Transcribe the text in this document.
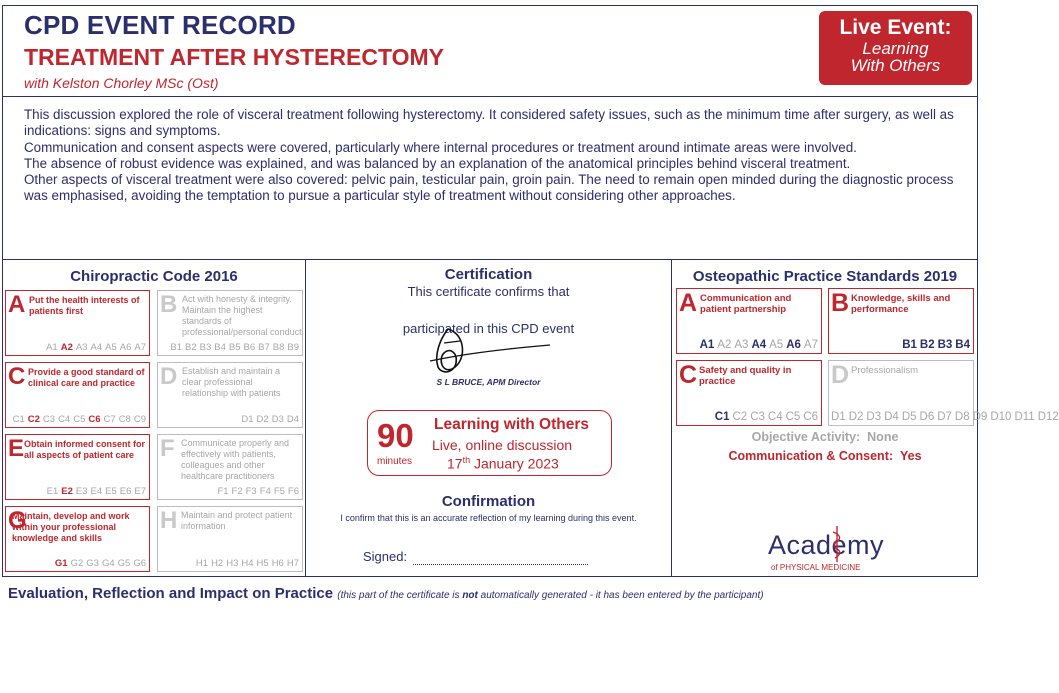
CPD EVENT RECORD
TREATMENT AFTER HYSTERECTOMY
with Kelston Chorley MSc (Ost)
Live Event:
Learning
With Others

This discussion explored the role of visceral treatment following hysterectomy. It considered safety issues, such as the minimum time after surgery, as well as indications: signs and symptoms.

Communication and consent aspects were covered, particularly where internal procedures or treatment around intimate areas were involved.

The absence of robust evidence was explained, and was balanced by an explanation of the anatomical principles behind visceral treatment.

Other aspects of visceral treatment were also covered: pelvic pain, testicular pain, groin pain. The need to remain open minded during the diagnostic process was emphasised, avoiding the temptation to pursue a particular style of treatment without considering other approaches.

Chiropractic Code 2016
A Put the health interests of patients first
A1 A2 A3 A4 A5 A6 A7
B Act with honesty & integrity. Maintain the highest standards of professional/personal conduct
B1 B2 B3 B4 B5 B6 B7 B8 B9
C Provide a good standard of clinical care and practice
C1 C2 C3 C4 C5 C6 C7 C8 C9
D Establish and maintain a clear professional relationship with patients
D1 D2 D3 D4
E Obtain informed consent for all aspects of patient care
E1 E2 E3 E4 E5 E6 E7
F Communicate properly and effectively with patients, colleagues and other healthcare practitioners
F1 F2 F3 F4 F5 F6
G
Maintain, develop and work within your professional knowledge and skills
G1 G2 G3 G4 G5 G6
H Maintain and protect patient information
H1 H2 H3 H4 H5 H6 H7
Certification
This certificate confirms that
participated in this CPD event
S L BRUCE, APM Director
90
minutes
Learning with Others
Live, online discussion
17th January 2023
Confirmation
I confirm that this is an accurate reflection of my learning during this event.
Signed:
Osteopathic Practice Standards 2019
A Communication and patient partnership
A1 A2 A3 A4 A5 A6 A7
B Knowledge, skills and performance
B1 B2 B3 B4
C Safety and quality in practice
C1 C2 C3 C4 C5 C6
D Professionalism
D1 D2 D3 D4 D5 D6 D7 D8 D9 D10 D11 D12
Objective Activity: None
Communication & Consent: Yes
Academy
of PHYSICAL MEDICINE
Evaluation, Reflection and Impact on Practice (this part of the certificate is not automatically generated - it has been entered by the participant)
